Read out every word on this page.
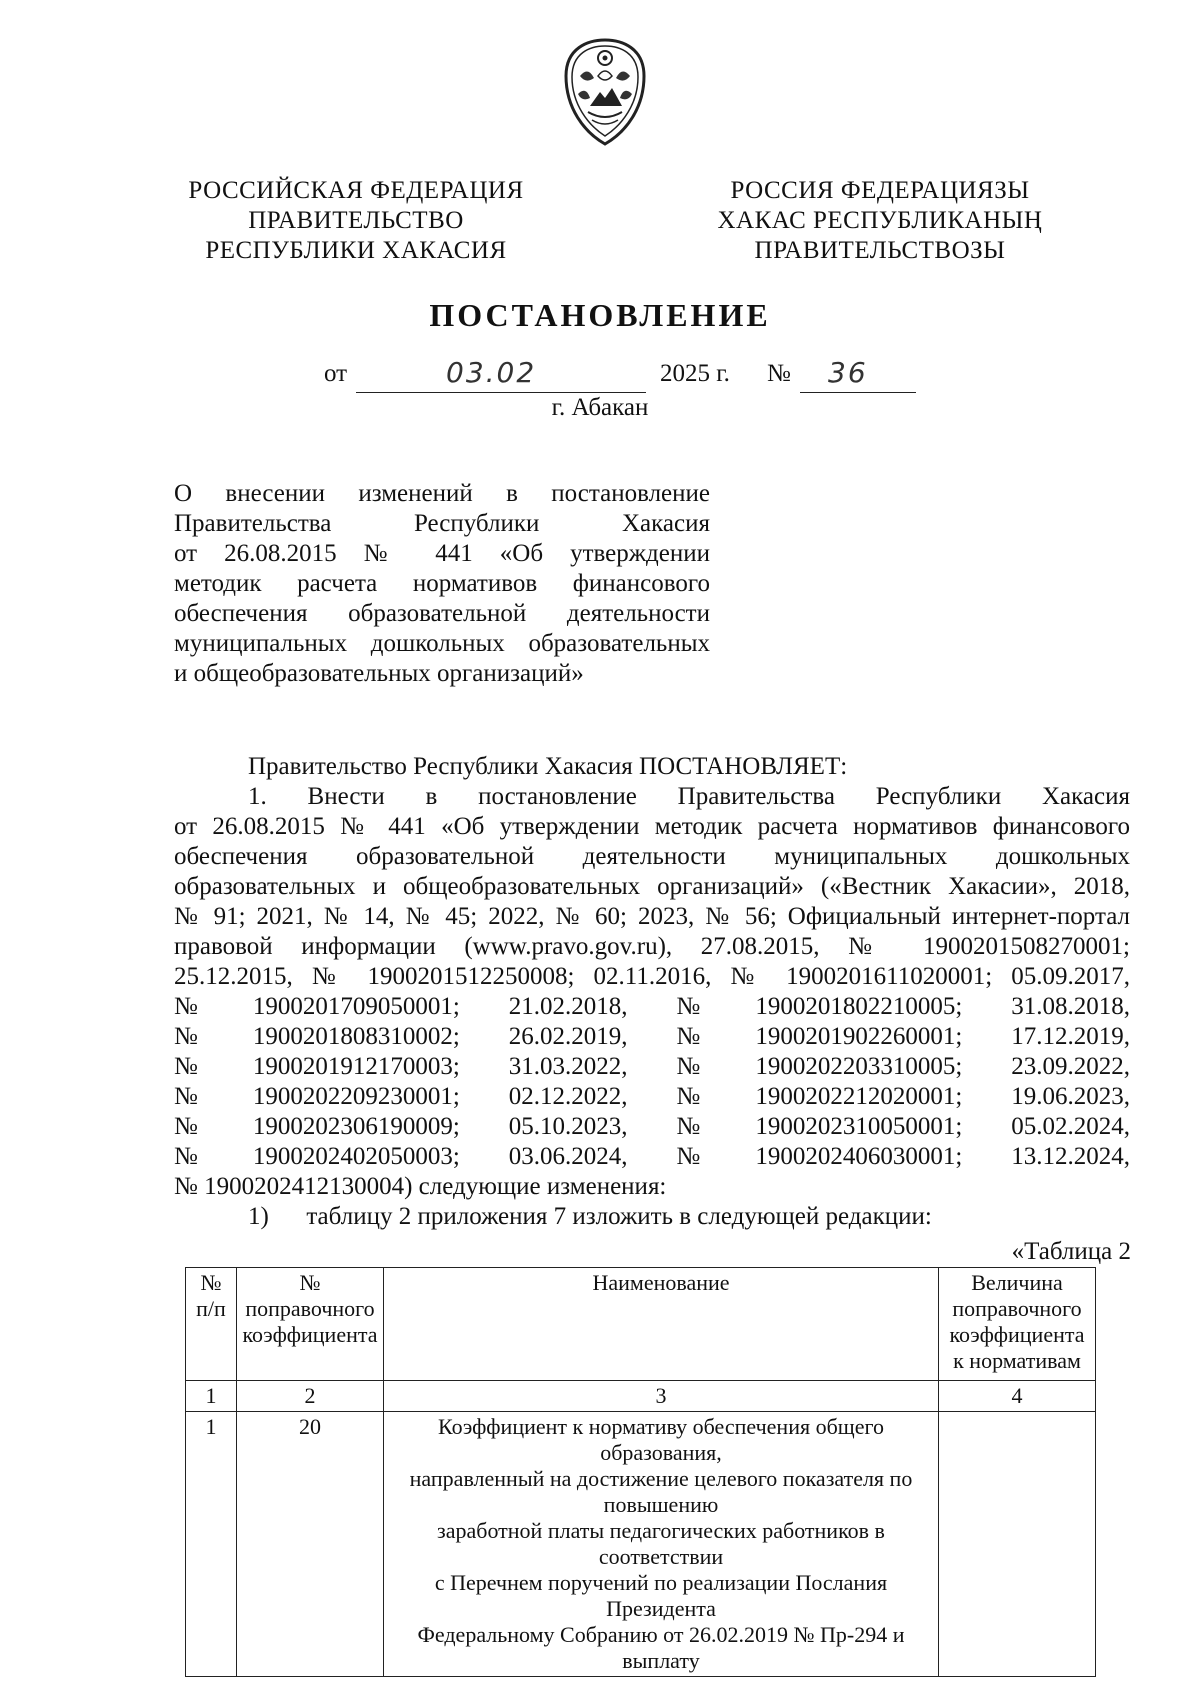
РОССИЙСКАЯ ФЕДЕРАЦИЯ
ПРАВИТЕЛЬСТВО
РЕСПУБЛИКИ ХАКАСИЯ
РОССИЯ ФЕДЕРАЦИЯЗЫ
ХАКАС РЕСПУБЛИКАНЫҢ
ПРАВИТЕЛЬСТВОЗЫ
ПОСТАНОВЛЕНИЕ
от	03.02	2025 г. № 36
г. Абакан
О внесении изменений в постановление
Правительства Республики Хакасия
от 26.08.2015 № 441 «Об утверждении
методик расчета нормативов финансового
обеспечения образовательной деятельности
муниципальных дошкольных образовательных
и общеобразовательных организаций»
Правительство Республики Хакасия ПОСТАНОВЛЯЕТ:
1. Внести в постановление Правительства Республики Хакасия
от 26.08.2015 № 441 «Об утверждении методик расчета нормативов финансового
обеспечения образовательной деятельности муниципальных дошкольных
образовательных и общеобразовательных организаций» («Вестник Хакасии», 2018,
№ 91; 2021, № 14, № 45; 2022, № 60; 2023, № 56; Официальный интернет-портал
правовой информации (www.pravo.gov.ru), 27.08.2015, № 1900201508270001;
25.12.2015, № 1900201512250008; 02.11.2016, № 1900201611020001; 05.09.2017,
№ 1900201709050001; 21.02.2018, № 1900201802210005; 31.08.2018,
№ 1900201808310002; 26.02.2019, № 1900201902260001; 17.12.2019,
№ 1900201912170003; 31.03.2022, № 1900202203310005; 23.09.2022,
№ 1900202209230001; 02.12.2022, № 1900202212020001; 19.06.2023,
№ 1900202306190009; 05.10.2023, № 1900202310050001; 05.02.2024,
№ 1900202402050003; 03.06.2024, № 1900202406030001; 13.12.2024,
№ 1900202412130004) следующие изменения:
1)      таблицу 2 приложения 7 изложить в следующей редакции:
«Таблица 2
№ п/п	№ поправочного коэффициента	Наименование	Величина поправочного коэффициента к нормативам
1	2	3	4
1	20	Коэффициент к нормативу обеспечения общего образования,
направленный на достижение целевого показателя по повышению
заработной платы педагогических работников в соответствии
с Перечнем поручений по реализации Послания Президента
Федеральному Собранию от 26.02.2019 № Пр-294 и выплату	
